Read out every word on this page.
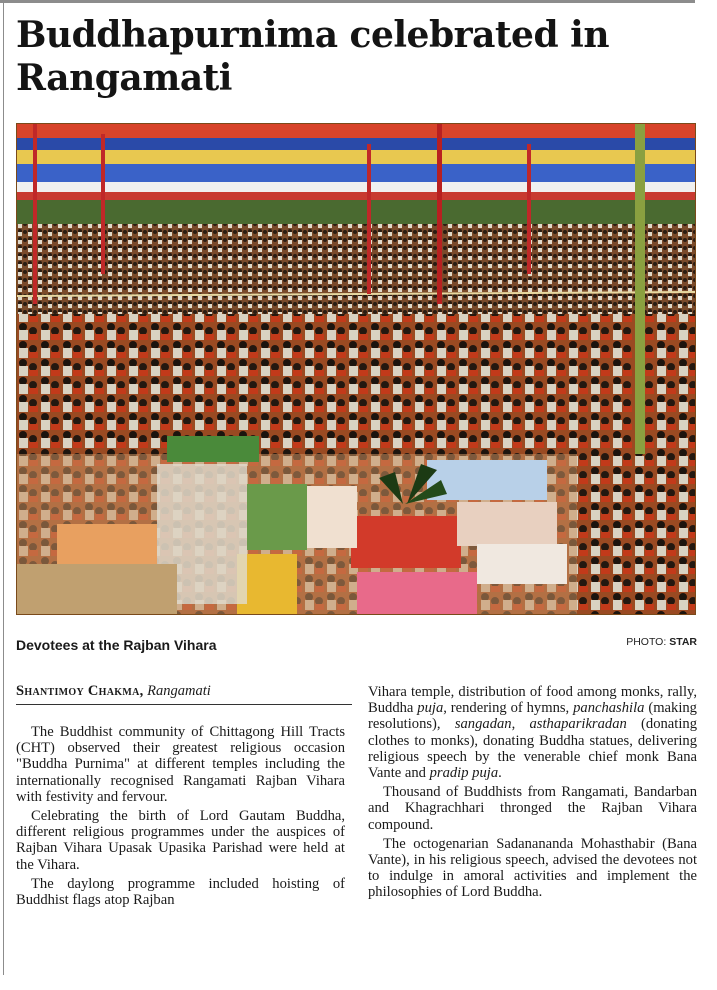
Buddhapurnima celebrated in Rangamati
Devotees at the Rajban Vihara	PHOTO: STAR
Shantimoy Chakma, Rangamati

The Buddhist community of Chittagong Hill Tracts (CHT) observed their greatest religious occasion "Buddha Purnima" at different temples including the internationally recognised Rangamati Rajban Vihara with festivity and fervour.

Celebrating the birth of Lord Gautam Buddha, different religious programmes under the auspices of Rajban Vihara Upasak Upasika Parishad were held at the Vihara.

The daylong programme included hoisting of Buddhist flags atop Rajban

Vihara temple, distribution of food among monks, rally, Buddha puja, rendering of hymns, panchashila (making resolutions), sangadan, asthaparikradan (donating clothes to monks), donating Buddha statues, delivering religious speech by the venerable chief monk Bana Vante and pradip puja.

Thousand of Buddhists from Rangamati, Bandarban and Khagrachhari thronged the Rajban Vihara compound.

The octogenarian Sadanananda Mohasthabir (Bana Vante), in his religious speech, advised the devotees not to indulge in amoral activities and implement the philosophies of Lord Buddha.
